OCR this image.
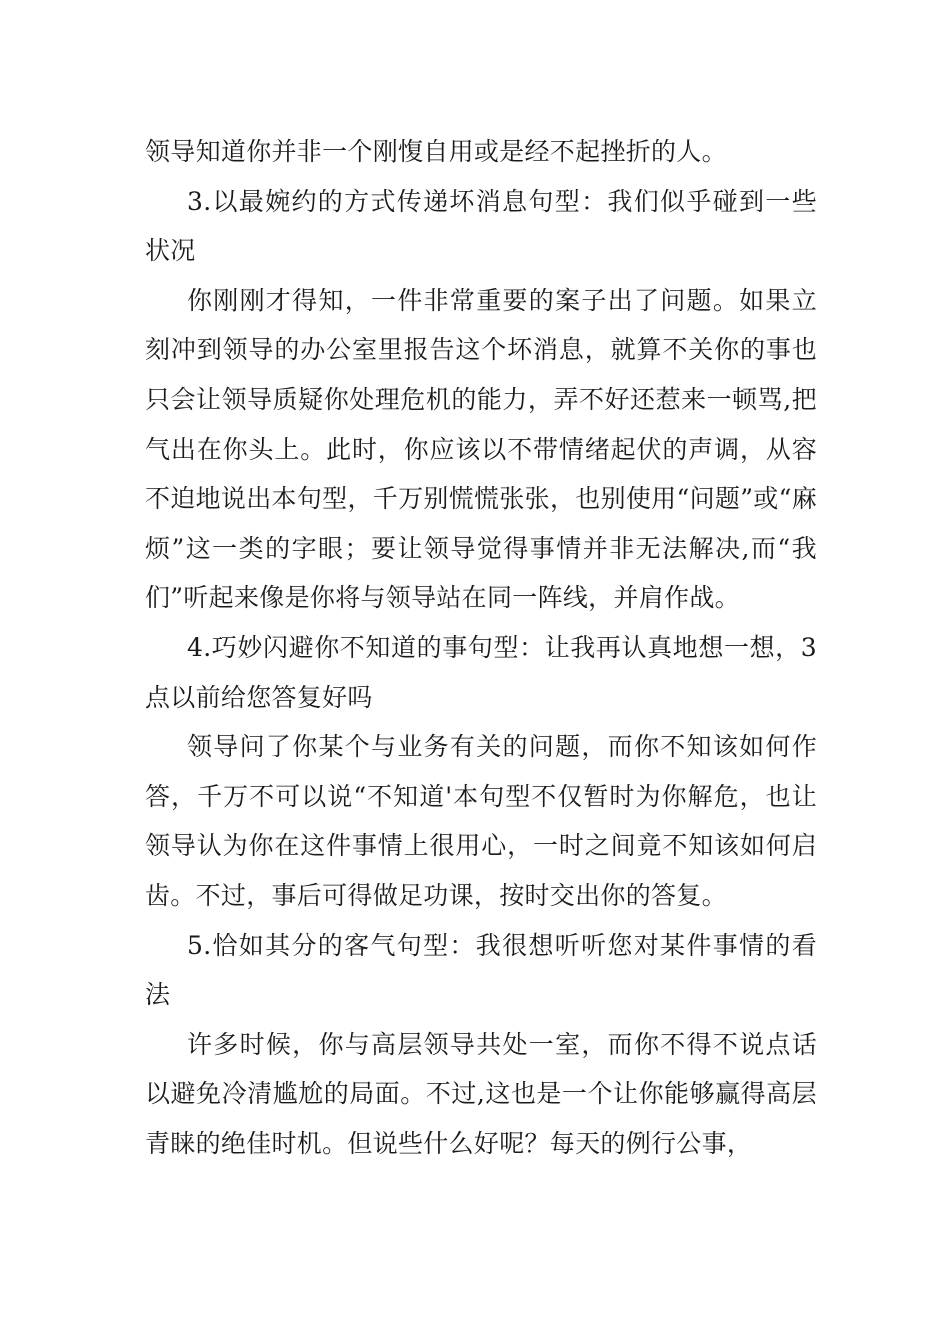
领导知道你并非一个刚愎自用或是经不起挫折的人。

3.以最婉约的方式传递坏消息句型：我们似乎碰到一些状况

你刚刚才得知，一件非常重要的案子出了问题。如果立刻冲到领导的办公室里报告这个坏消息，就算不关你的事也只会让领导质疑你处理危机的能力，弄不好还惹来一顿骂,把气出在你头上。此时，你应该以不带情绪起伏的声调，从容不迫地说出本句型，千万别慌慌张张，也别使用“问题”或“麻烦”这一类的字眼；要让领导觉得事情并非无法解决,而“我们”听起来像是你将与领导站在同一阵线，并肩作战。

4.巧妙闪避你不知道的事句型：让我再认真地想一想，3点以前给您答复好吗

领导问了你某个与业务有关的问题，而你不知该如何作答，千万不可以说“不知道'本句型不仅暂时为你解危，也让领导认为你在这件事情上很用心，一时之间竟不知该如何启齿。不过，事后可得做足功课，按时交出你的答复。

5.恰如其分的客气句型：我很想听听您对某件事情的看法

许多时候，你与高层领导共处一室，而你不得不说点话以避免冷清尴尬的局面。不过,这也是一个让你能够赢得高层青睐的绝佳时机。但说些什么好呢？每天的例行公事，
